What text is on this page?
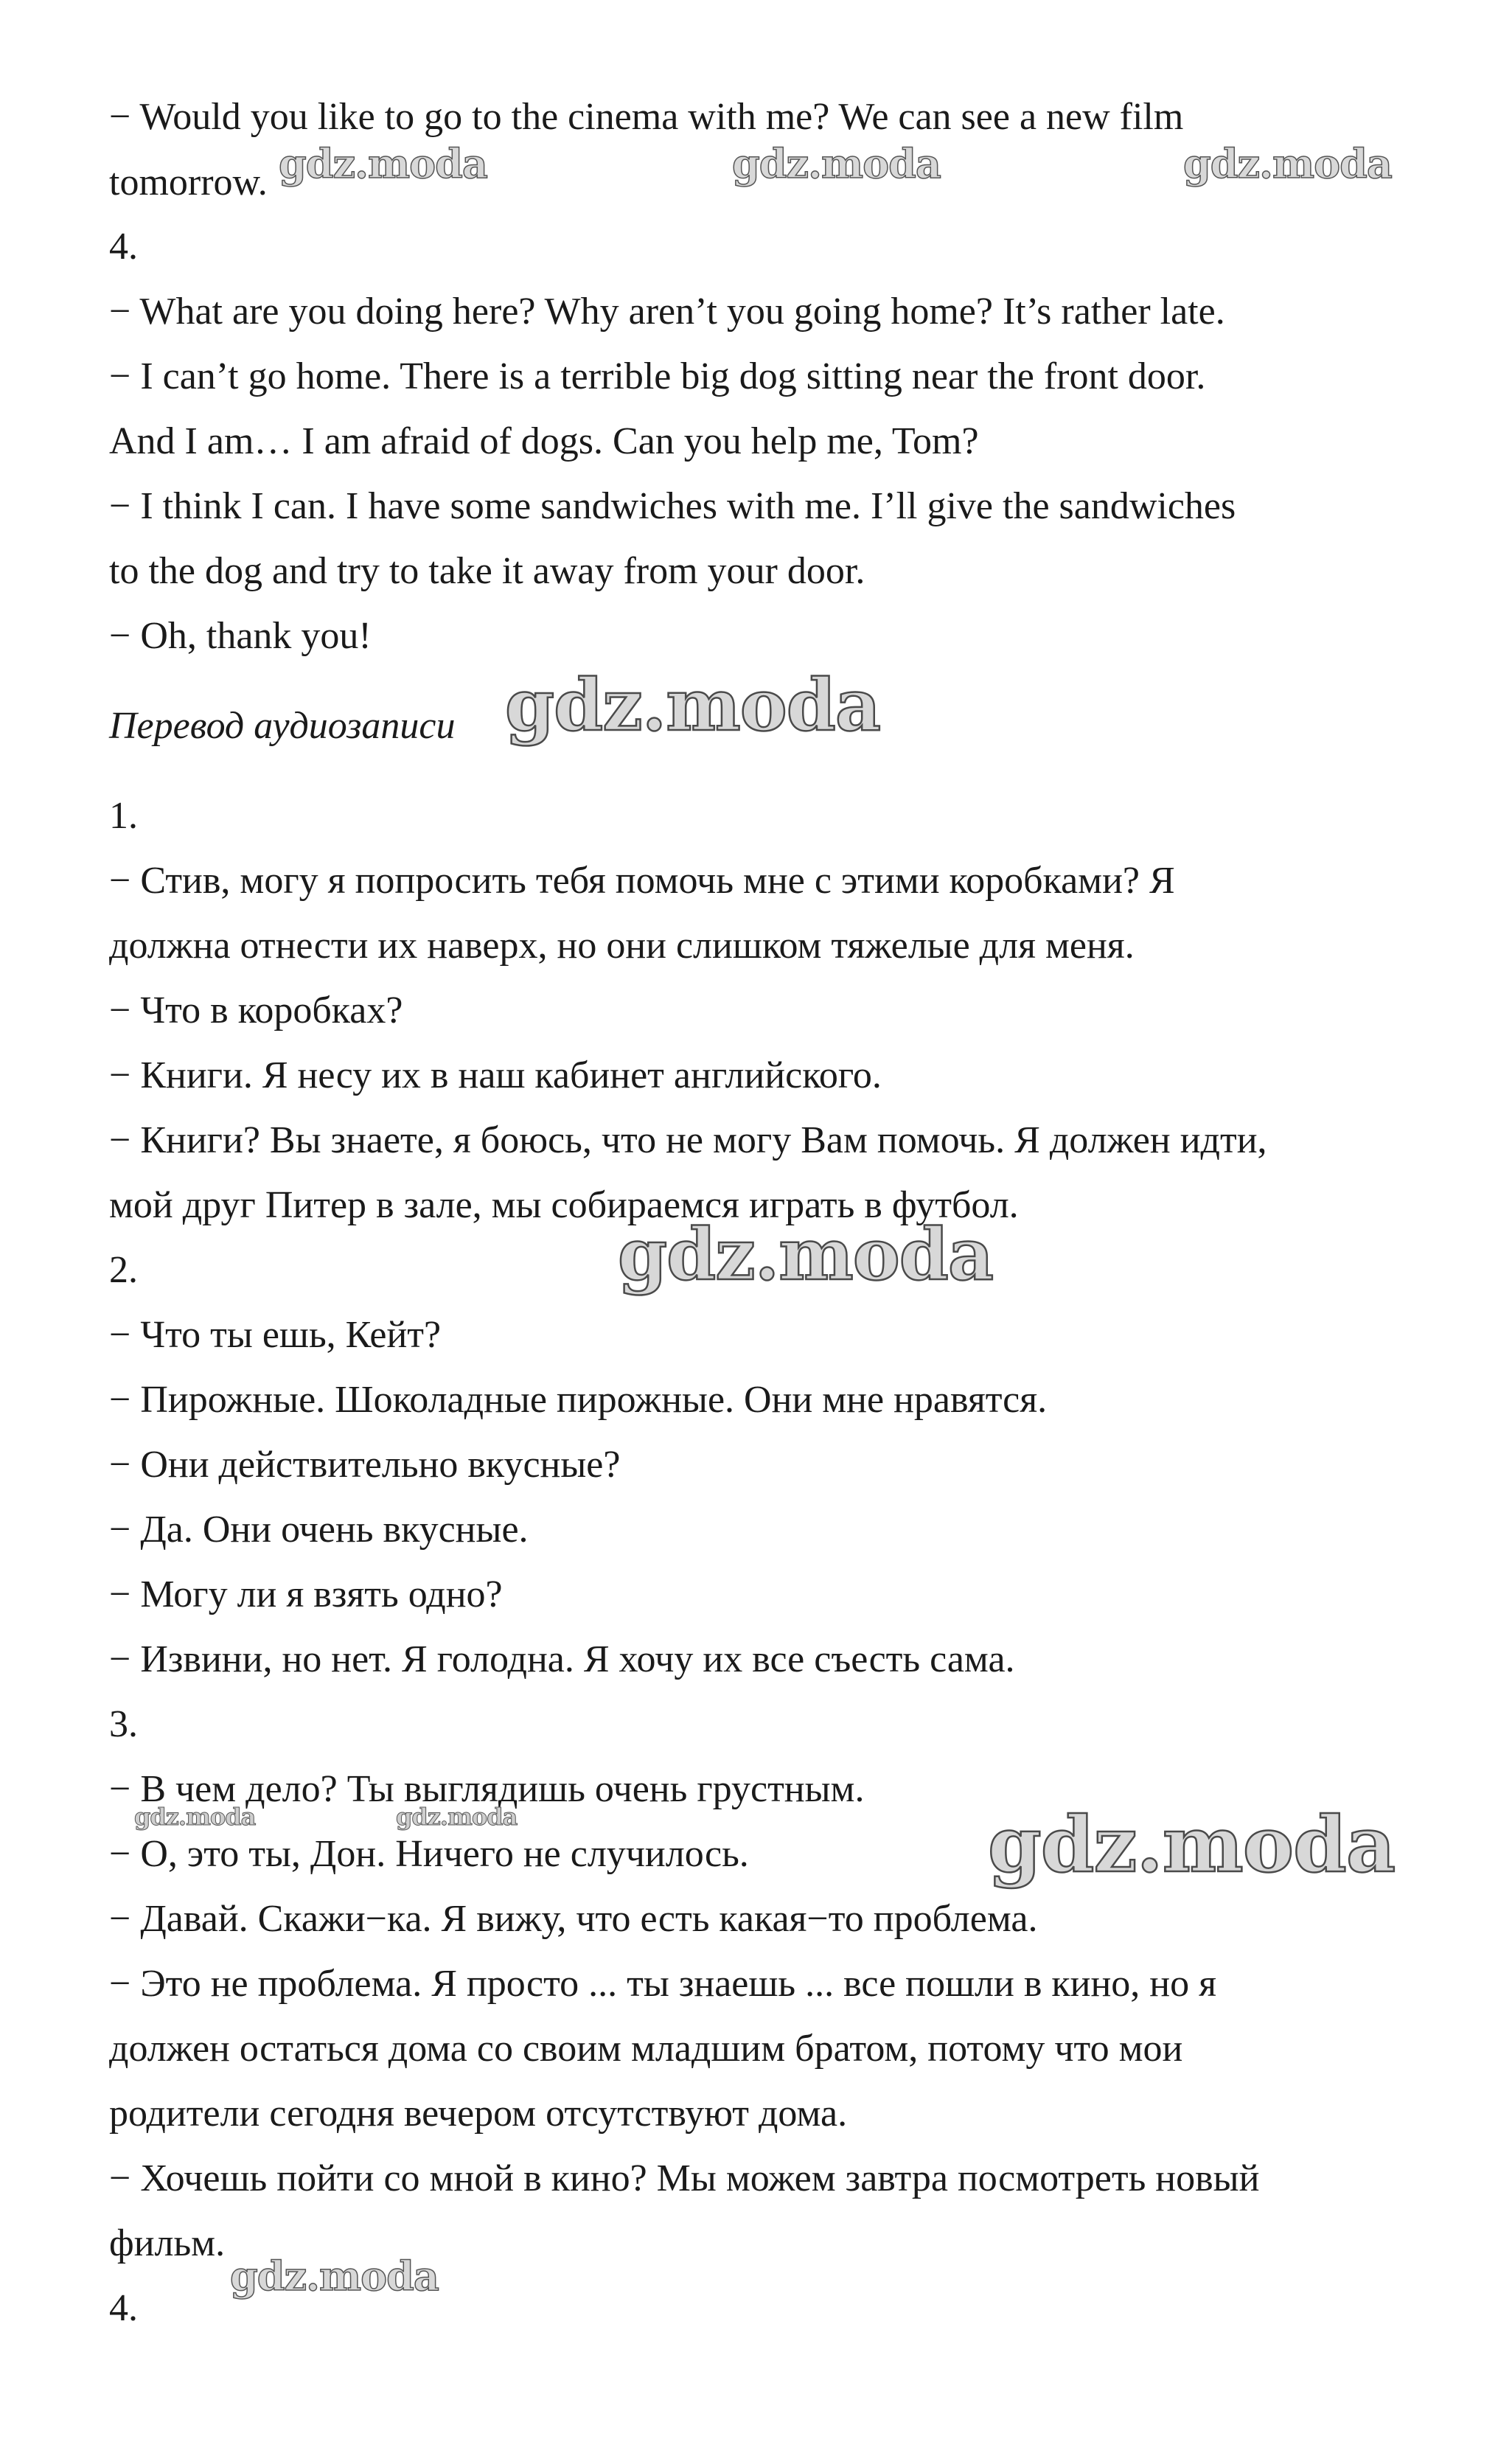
− Would you like to go to the cinema with me? We can see a new film
tomorrow.
4.
− What are you doing here? Why aren’t you going home? It’s rather late.
− I can’t go home. There is a terrible big dog sitting near the front door.
And I am… I am afraid of dogs. Can you help me, Tom?
− I think I can. I have some sandwiches with me. I’ll give the sandwiches
to the dog and try to take it away from your door.
− Oh, thank you!
Перевод аудиозаписи
1.
− Стив, могу я попросить тебя помочь мне с этими коробками? Я
должна отнести их наверх, но они слишком тяжелые для меня.
− Что в коробках?
− Книги. Я несу их в наш кабинет английского.
− Книги? Вы знаете, я боюсь, что не могу Вам помочь. Я должен идти,
мой друг Питер в зале, мы собираемся играть в футбол.
2.
− Что ты ешь, Кейт?
− Пирожные. Шоколадные пирожные. Они мне нравятся.
− Они действительно вкусные?
− Да. Они очень вкусные.
− Могу ли я взять одно?
− Извини, но нет. Я голодна. Я хочу их все съесть сама.
3.
− В чем дело? Ты выглядишь очень грустным.
− О, это ты, Дон. Ничего не случилось.
− Давай. Скажи−ка. Я вижу, что есть какая−то проблема.
− Это не проблема. Я просто ... ты знаешь ... все пошли в кино, но я
должен остаться дома со своим младшим братом, потому что мои
родители сегодня вечером отсутствуют дома.
− Хочешь пойти со мной в кино? Мы можем завтра посмотреть новый
фильм.
4.
gdz.moda	gdz.moda	gdz.moda
gdz.moda
gdz.moda
gdz.moda	gdz.moda	gdz.moda
gdz.moda
